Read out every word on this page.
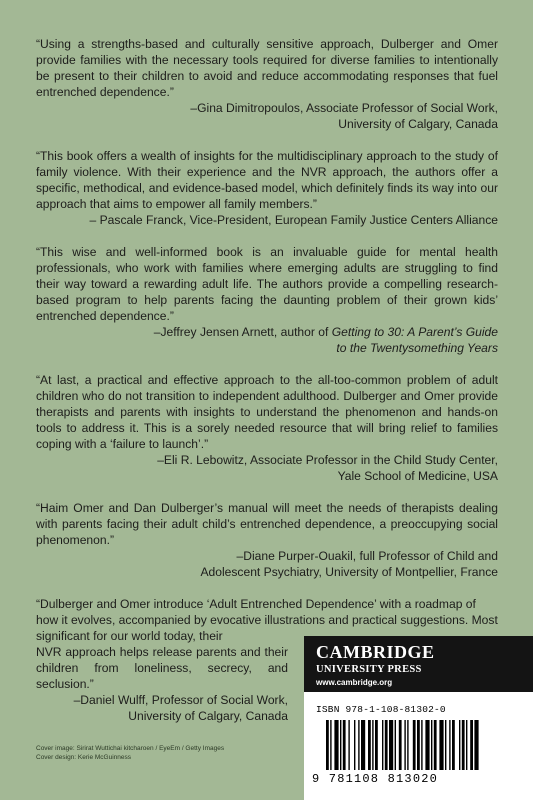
“Using a strengths-based and culturally sensitive approach, Dulberger and Omer provide families with the necessary tools required for diverse families to intentionally be present to their children to avoid and reduce accommodating responses that fuel entrenched dependence.”

–Gina Dimitropoulos, Associate Professor of Social Work,
University of Calgary, Canada

“This book offers a wealth of insights for the multidisciplinary approach to the study of family violence. With their experience and the NVR approach, the authors offer a specific, methodical, and evidence-based model, which definitely finds its way into our approach that aims to empower all family members.”

– Pascale Franck, Vice-President, European Family Justice Centers Alliance

“This wise and well-informed book is an invaluable guide for mental health professionals, who work with families where emerging adults are struggling to find their way toward a rewarding adult life. The authors provide a compelling research-based program to help parents facing the daunting problem of their grown kids’ entrenched dependence.”

–Jeffrey Jensen Arnett, author of Getting to 30: A Parent’s Guide
to the Twentysomething Years

“At last, a practical and effective approach to the all-too-common problem of adult children who do not transition to independent adulthood. Dulberger and Omer provide therapists and parents with insights to understand the phenomenon and hands-on tools to address it. This is a sorely needed resource that will bring relief to families coping with a ‘failure to launch’.”

–Eli R. Lebowitz, Associate Professor in the Child Study Center,
Yale School of Medicine, USA

“Haim Omer and Dan Dulberger’s manual will meet the needs of therapists dealing with parents facing their adult child’s entrenched dependence, a preoccupying social phenomenon.”

–Diane Purper-Ouakil, full Professor of Child and
Adolescent Psychiatry, University of Montpellier, France

“Dulberger and Omer introduce ‘Adult Entrenched Dependence’ with a roadmap of how it evolves, accompanied by evocative illustrations and practical suggestions. Most significant for our world today, their

NVR approach helps release parents and their children from loneliness, secrecy, and seclusion.”

–Daniel Wulff, Professor of Social Work,
University of Calgary, Canada

Cover image: Sirirat Wuttichai kitcharoen / EyeEm / Getty Images
Cover design: Kerie McGuinness
CAMBRIDGE
UNIVERSITY PRESS
www.cambridge.org
ISBN 978-1-108-81302-0
9 781108 813020
